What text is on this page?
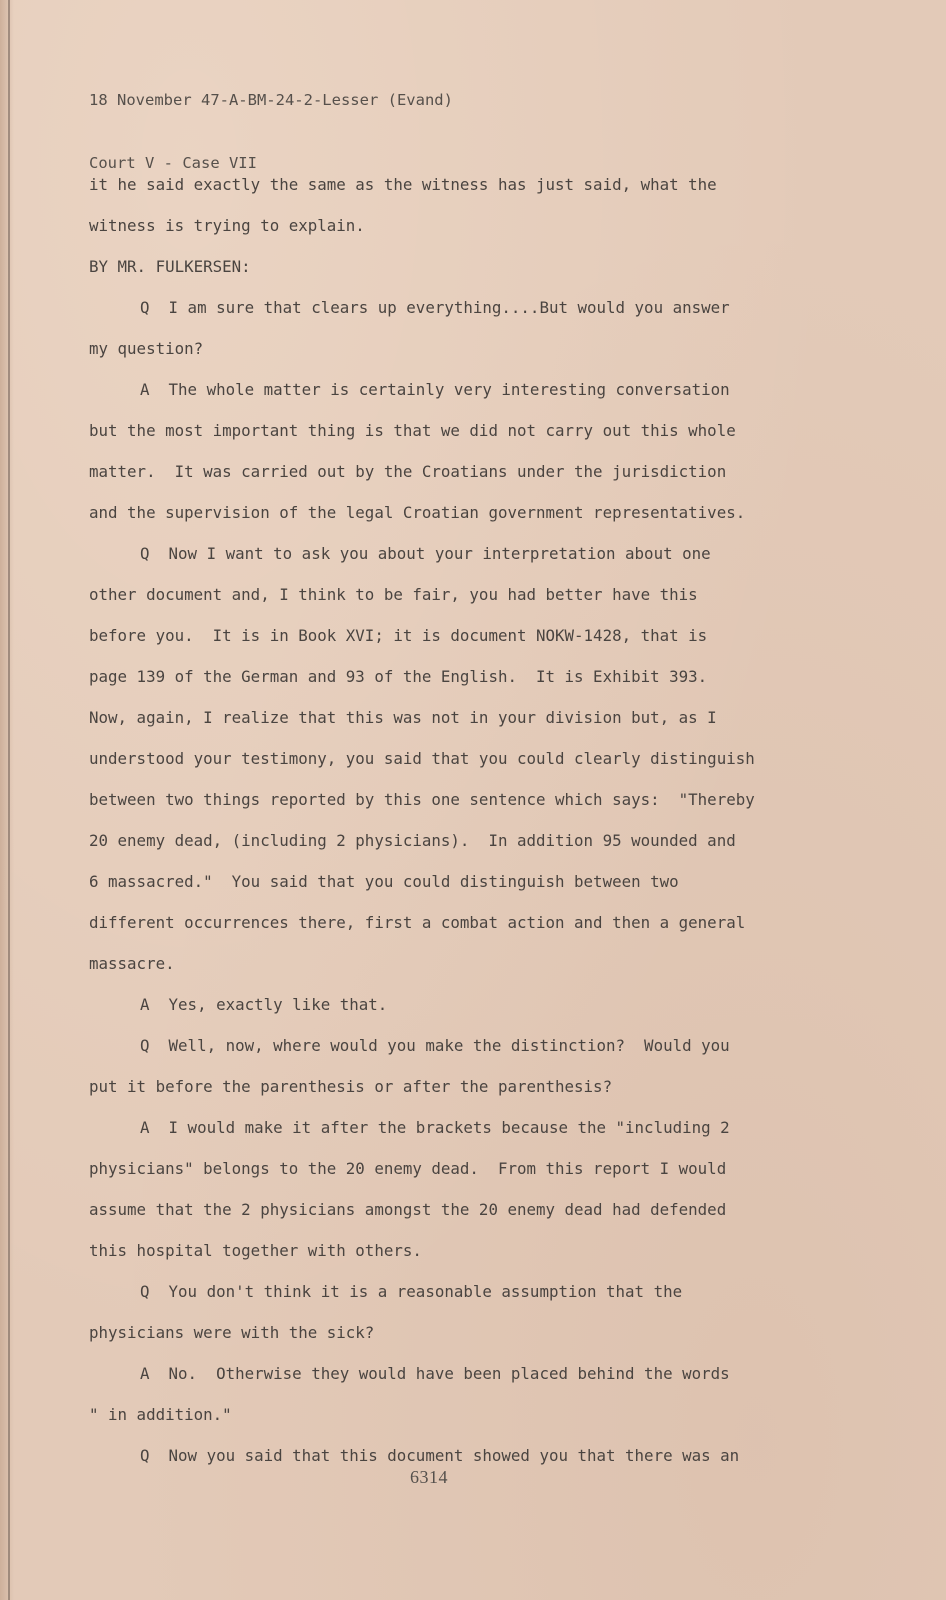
18 November 47-A-BM-24-2-Lesser (Evand)

Court V - Case VII

it he said exactly the same as the witness has just said, what the
witness is trying to explain.
BY MR. FULKERSEN:
Q  I am sure that clears up everything....But would you answer
my question?
A  The whole matter is certainly very interesting conversation
but the most important thing is that we did not carry out this whole
matter.  It was carried out by the Croatians under the jurisdiction
and the supervision of the legal Croatian government representatives.
Q  Now I want to ask you about your interpretation about one
other document and, I think to be fair, you had better have this
before you.  It is in Book XVI; it is document NOKW-1428, that is
page 139 of the German and 93 of the English.  It is Exhibit 393.
Now, again, I realize that this was not in your division but, as I
understood your testimony, you said that you could clearly distinguish
between two things reported by this one sentence which says:  "Thereby
20 enemy dead, (including 2 physicians).  In addition 95 wounded and
6 massacred."  You said that you could distinguish between two
different occurrences there, first a combat action and then a general
massacre.
A  Yes, exactly like that.
Q  Well, now, where would you make the distinction?  Would you
put it before the parenthesis or after the parenthesis?
A  I would make it after the brackets because the "including 2
physicians" belongs to the 20 enemy dead.  From this report I would
assume that the 2 physicians amongst the 20 enemy dead had defended
this hospital together with others.
Q  You don't think it is a reasonable assumption that the
physicians were with the sick?
A  No.  Otherwise they would have been placed behind the words
" in addition."
Q  Now you said that this document showed you that there was an
6314
